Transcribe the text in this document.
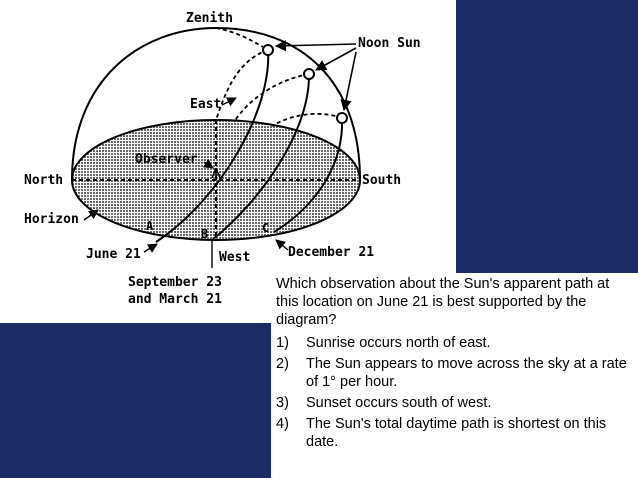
Zenith
Noon Sun
East
Observer
North	South
Horizon
West
June 21	December 21
September 23
and March 21
A
B	C

Which observation about the Sun's apparent path at this location on June 21 is best supported by the diagram?

1)	Sunrise occurs north of east.
2)	The Sun appears to move across the sky at a rate of 1° per hour.
3)	Sunset occurs south of west.
4)	The Sun's total daytime path is shortest on this date.
